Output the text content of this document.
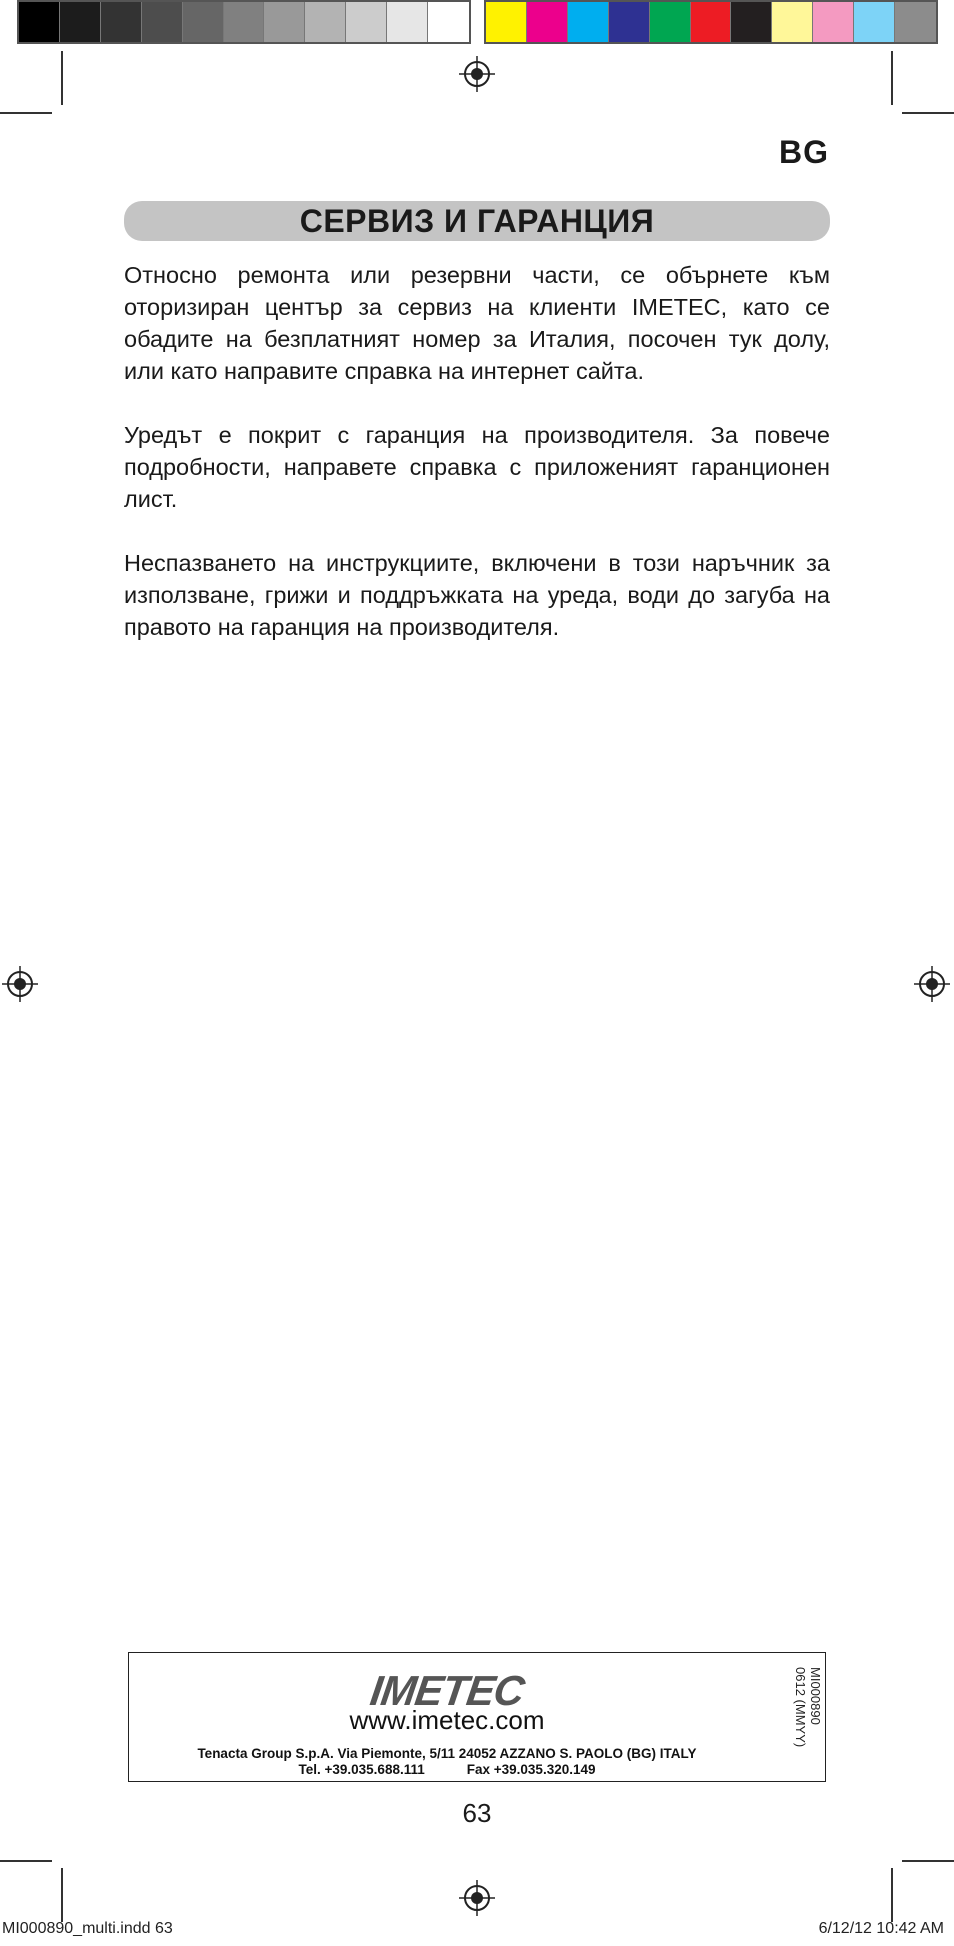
BG
СЕРВИЗ И ГАРАНЦИЯ

Относно ремонта или резервни части, се обърнете към оторизиран център за сервиз на клиенти IMETEC, като се обадите на безплатният номер за Италия, посочен тук долу, или като направите справка на интернет сайта.

Уредът е покрит с гаранция на производителя. За повече подробности, направете справка с приложеният гаранционен лист.

Неспазването на инструкциите, включени в този наръчник за използване, грижи и поддръжката на уреда, води до загуба на правото на гаранция на производителя.

IMETEC
www.imetec.com
Tenacta Group S.p.A. Via Piemonte, 5/11 24052 AZZANO S. PAOLO (BG) ITALY
Tel. +39.035.688.111	Fax +39.035.320.149
MI000890
0612 (MMYY)
63
MI000890_multi.indd 63	6/12/12 10:42 AM
